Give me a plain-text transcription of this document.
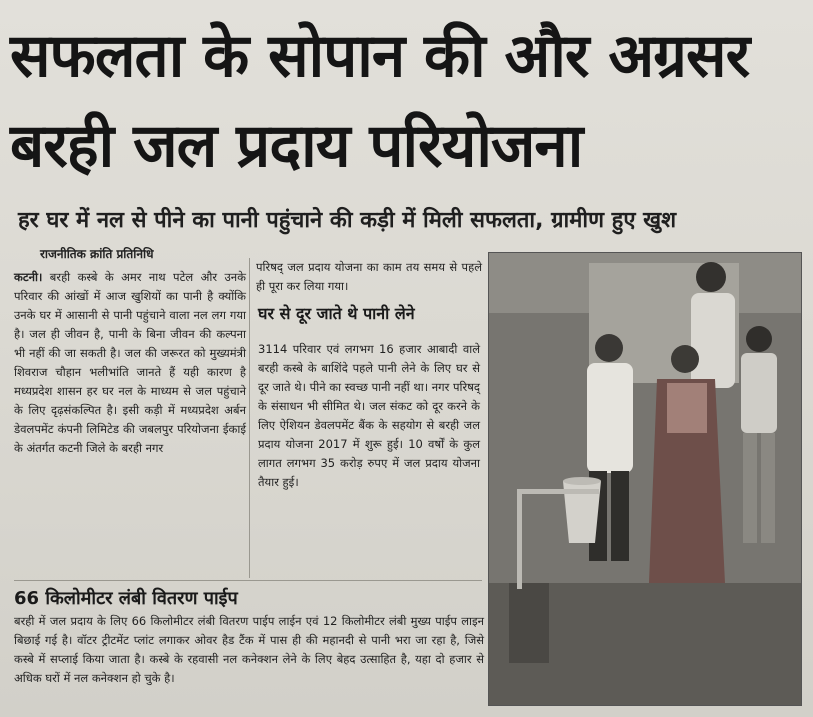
सफलता के सोपान की और अग्रसर
बरही जल प्रदाय परियोजना
हर घर में नल से पीने का पानी पहुंचाने की कड़ी में मिली सफलता, ग्रामीण हुए खुश
राजनीतिक क्रांति प्रतिनिधि
कटनी। बरही कस्बे के अमर नाथ पटेल और उनके परिवार की आंखों में आज खुशियों का पानी है क्योंकि उनके घर में आसानी से पानी पहुंचाने वाला नल लग गया है। जल ही जीवन है, पानी के बिना जीवन की कल्पना भी नहीं की जा सकती है। जल की जरूरत को मुख्यमंत्री शिवराज चौहान भलीभांति जानते हैं यही कारण है मध्यप्रदेश शासन हर घर नल के माध्यम से जल पहुंचाने के लिए दृढ़संकल्पित है। इसी कड़ी में मध्यप्रदेश अर्बन डेवलपमेंट कंपनी लिमिटेड की जबलपुर परियोजना ईकाई के अंतर्गत कटनी जिले के बरही नगर
परिषद् जल प्रदाय योजना का काम तय समय से पहले ही पूरा कर लिया गया।
घर से दूर जाते थे पानी लेने
3114 परिवार एवं लगभग 16 हजार आबादी वाले बरही कस्बे के बाशिंदे पहले पानी लेने के लिए घर से दूर जाते थे। पीने का स्वच्छ पानी नहीं था। नगर परिषद् के संसाधन भी सीमित थे। जल संकट को दूर करने के लिए ऐशियन डेवलपमेंट बैंक के सहयोग से बरही जल प्रदाय योजना 2017 में शुरू हुई। 10 वर्षों के कुल लागत लगभग 35 करोड़ रुपए में जल प्रदाय योजना तैयार हुई।
66 किलोमीटर लंबी वितरण पाईप
बरही में जल प्रदाय के लिए 66 किलोमीटर लंबी वितरण पाईप लाईन एवं 12 किलोमीटर लंबी मुख्य पाईप लाइन बिछाई गई है। वॉटर ट्रीटमेंट प्लांट लगाकर ओवर हैड टैंक में पास ही की महानदी से पानी भरा जा रहा है, जिसे कस्बे में सप्लाई किया जाता है। कस्बे के रहवासी नल कनेक्शन लेने के लिए बेहद उत्साहित है, यहा दो हजार से अधिक घरों में नल कनेक्शन हो चुके है।
